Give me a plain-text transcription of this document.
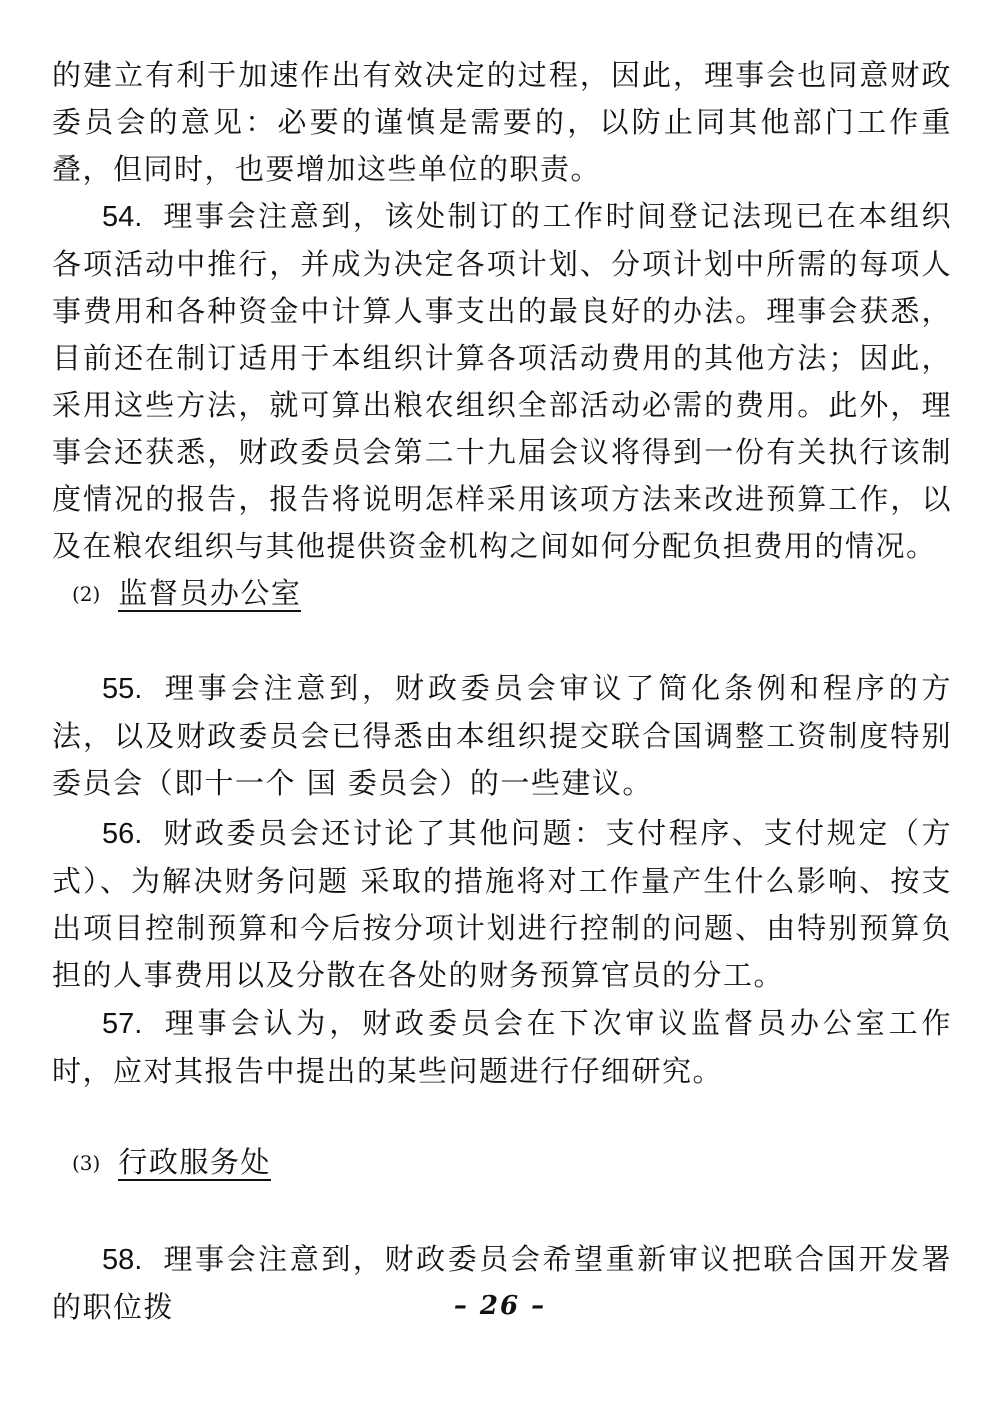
的建立有利于加速作出有效决定的过程，因此，理事会也同意财政委员会的意见：必要的谨慎是需要的，以防止同其他部门工作重叠，但同时，也要增加这些单位的职责。

54. 理事会注意到，该处制订的工作时间登记法现已在本组织各项活动中推行，并成为决定各项计划、分项计划中所需的每项人事费用和各种资金中计算人事支出的最良好的办法。理事会获悉，目前还在制订适用于本组织计算各项活动费用的其他方法；因此，采用这些方法，就可算出粮农组织全部活动必需的费用。此外，理事会还获悉，财政委员会第二十九届会议将得到一份有关执行该制度情况的报告，报告将说明怎样采用该项方法来改进预算工作，以及在粮农组织与其他提供资金机构之间如何分配负担费用的情况。

(2) 监督员办公室

55. 理事会注意到，财政委员会审议了简化条例和程序的方法，以及财政委员会已得悉由本组织提交联合国调整工资制度特别委员会（即十一个 国 委员会）的一些建议。

56. 财政委员会还讨论了其他问题：支付程序、支付规定（方式）、为解决财务问题 采取的措施将对工作量产生什么影响、按支出项目控制预算和今后按分项计划进行控制的问题、由特别预算负担的人事费用以及分散在各处的财务预算官员的分工。

57. 理事会认为，财政委员会在下次审议监督员办公室工作时，应对其报告中提出的某些问题进行仔细研究。

(3) 行政服务处

58. 理事会注意到，财政委员会希望重新审议把联合国开发署的职位拨	– 26 –
